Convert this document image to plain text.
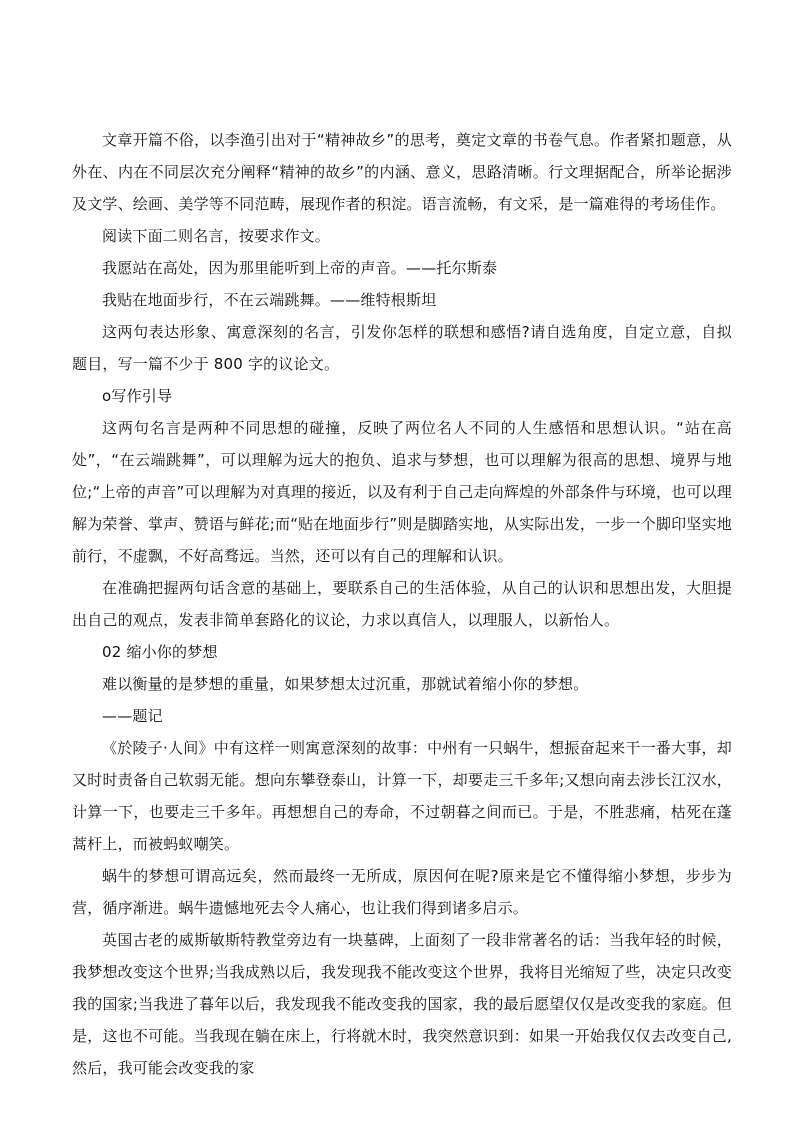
文章开篇不俗，以李渔引出对于“精神故乡”的思考，奠定文章的书卷气息。作者紧扣题意，从外在、内在不同层次充分阐释“精神的故乡”的内涵、意义，思路清晰。行文理据配合，所举论据涉及文学、绘画、美学等不同范畴，展现作者的积淀。语言流畅，有文采，是一篇难得的考场佳作。

阅读下面二则名言，按要求作文。

我愿站在高处，因为那里能听到上帝的声音。——托尔斯泰

我贴在地面步行，不在云端跳舞。——维特根斯坦

这两句表达形象、寓意深刻的名言，引发你怎样的联想和感悟?请自选角度，自定立意，自拟题目，写一篇不少于 800 字的议论文。

o写作引导

这两句名言是两种不同思想的碰撞，反映了两位名人不同的人生感悟和思想认识。“站在高处”，“在云端跳舞”，可以理解为远大的抱负、追求与梦想，也可以理解为很高的思想、境界与地位;“上帝的声音”可以理解为对真理的接近，以及有利于自己走向辉煌的外部条件与环境，也可以理解为荣誉、掌声、赞语与鲜花;而“贴在地面步行”则是脚踏实地，从实际出发，一步一个脚印坚实地前行，不虚飘，不好高骛远。当然，还可以有自己的理解和认识。

在准确把握两句话含意的基础上，要联系自己的生活体验，从自己的认识和思想出发，大胆提出自己的观点，发表非简单套路化的议论，力求以真信人，以理服人，以新怡人。

02 缩小你的梦想

难以衡量的是梦想的重量，如果梦想太过沉重，那就试着缩小你的梦想。

——题记

《於陵子·人间》中有这样一则寓意深刻的故事：中州有一只蜗牛，想振奋起来干一番大事，却又时时责备自己软弱无能。想向东攀登泰山，计算一下，却要走三千多年;又想向南去涉长江汉水，计算一下，也要走三千多年。再想想自己的寿命，不过朝暮之间而已。于是，不胜悲痛，枯死在蓬蒿杆上，而被蚂蚁嘲笑。

蜗牛的梦想可谓高远矣，然而最终一无所成，原因何在呢?原来是它不懂得缩小梦想，步步为营，循序渐进。蜗牛遗憾地死去令人痛心，也让我们得到诸多启示。

英国古老的威斯敏斯特教堂旁边有一块墓碑，上面刻了一段非常著名的话：当我年轻的时候，我梦想改变这个世界;当我成熟以后，我发现我不能改变这个世界，我将目光缩短了些，决定只改变我的国家;当我进了暮年以后，我发现我不能改变我的国家，我的最后愿望仅仅是改变我的家庭。但是，这也不可能。当我现在躺在床上，行将就木时，我突然意识到：如果一开始我仅仅去改变自己,然后，我可能会改变我的家
